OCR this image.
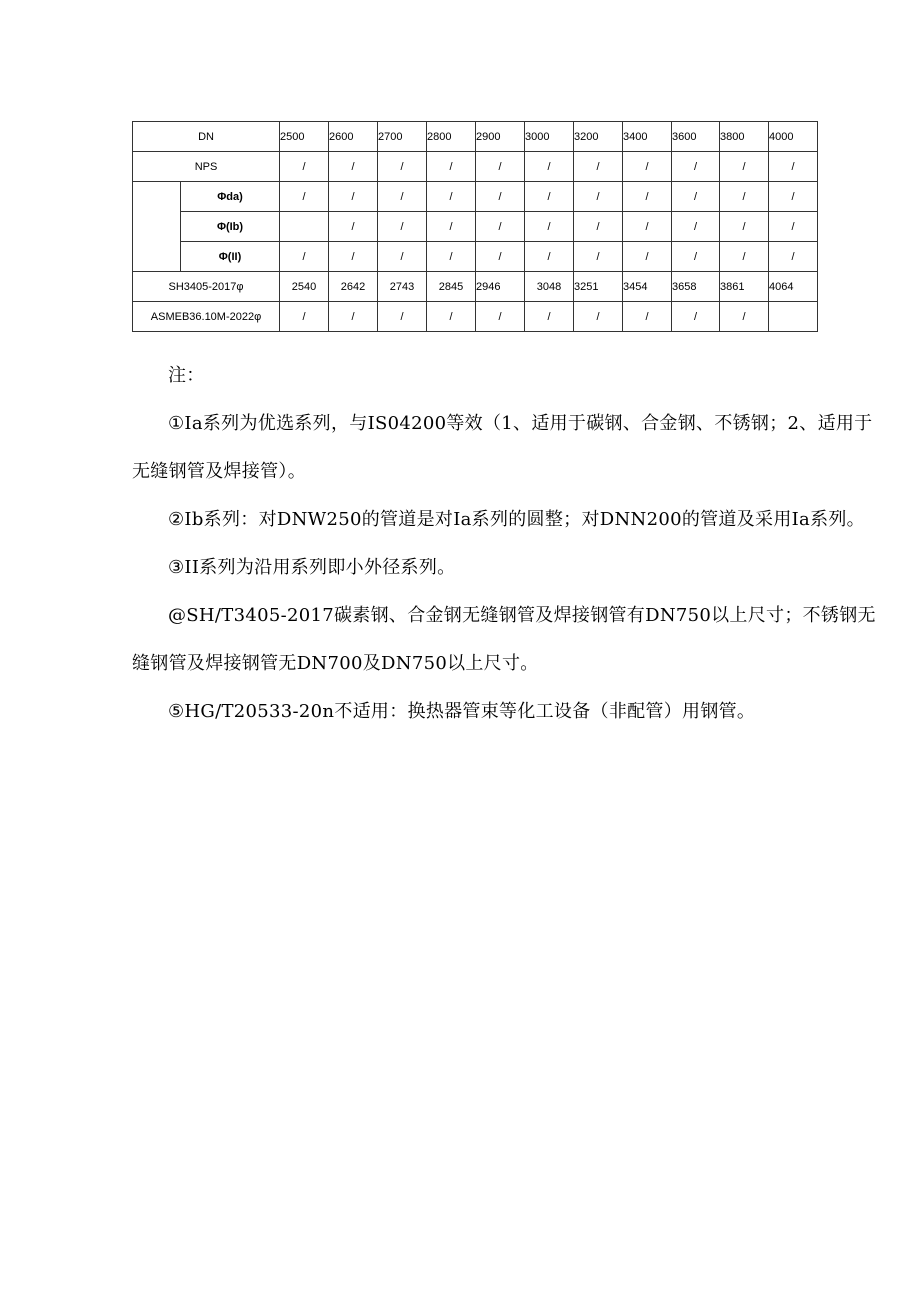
DN		2500	2600	2700	2800	2900	3000	3200	3400	3600	3800	4000
NPS		/	/	/	/	/	/	/	/	/	/	/
	Φda)	/	/	/	/	/	/	/	/	/	/	/
	Φ(Ib)		/	/	/	/	/	/	/	/	/	/
	Φ(II)	/	/	/	/	/	/	/	/	/	/	/
SH3405-2017φ		2540	2642	2743	2845	2946	3048	3251	3454	3658	3861	4064
ASMEB36.10M-2022φ		/	/	/	/	/	/	/	/	/	/	

注：

①Ia系列为优选系列，与IS04200等效（1、适用于碳钢、合金钢、不锈钢；2、适用于无缝钢管及焊接管）。

②Ib系列：对DNW250的管道是对Ia系列的圆整；对DNN200的管道及采用Ia系列。

③II系列为沿用系列即小外径系列。

@SH/T3405-2017碳素钢、合金钢无缝钢管及焊接钢管有DN750以上尺寸；不锈钢无缝钢管及焊接钢管无DN700及DN750以上尺寸。

⑤HG/T20533-20n不适用：换热器管束等化工设备（非配管）用钢管。
